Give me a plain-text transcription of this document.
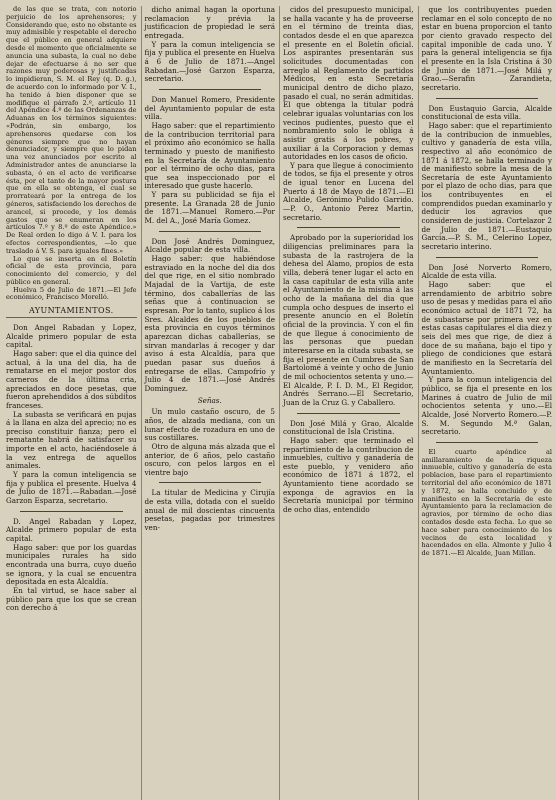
de las que se trata, con notorio perjuicio de los aprehensores; y Considerando que, esto no obstante es muy admisible y respetable el derecho que el público en general adquiere desde el momento que oficialmente se anuncia una subasta, la cual no debe dejar de efectuarse á no ser que razones muy poderosas y justificadas lo impidieran, S. M. el Rey (q. D. g.), de acuerdo con lo informado por V. I., ha tenido á bien disponer que se modifique el párrafo 2.º, artículo 11 del Apéndice 4.º de las Ordenanzas de Aduanas en los términos siguientes: «Podrán, sin embargo, los aprehensores quedarse con los géneros siempre que no hayan denunciador, y siempre que lo pidan una vez anunciados por escrito al Administrador antes de anunciarse la subasta, ó en el acto de verificarse ésta, por el tanto de la mayor postura que en ella se obtenga, el cual se prorrateará por la entrega de los géneros, satisfaciendo los derechos de arancel, si procede, y los demás gastos que se enumeran en los artículos 7.º y 8.º de este Apéndice.» De Real orden lo digo á V. I. para los efectos correspondientes, —lo que traslado á V. S. para iguales fines.»

Lo que se inserta en el Boletín oficial de esta provincia, para conocimiento del comercio, y del público en general.

Huelva 5 de Julio de 1871.—El Jefe económico, Francisco Morelló.

AYUNTAMIENTOS.

Don Angel Rabadan y Lopez, Alcalde primero popular de esta capital.

Hago saber: que el dia quince del actual, á la una del dia, ha de rematarse en el mejor postor dos carneros de la última cria, apreciados en doce pesetas, que fueron aprehendidos á dos súbditos franceses.

La subasta se verificará en pujas á la llana en alza del aprecio; no es preciso constituir fianza; pero el rematante habrá de satisfacer su importe en el acto, haciéndosele á la vez entrega de aquellos animales.

Y para la comun inteligencia se fija y publica el presente. Huelva 4 de Julio de 1871.—Rabadan.—José Garzon Esparza, secretario.

D. Angel Rabadan y Lopez, Alcalde primero popular de esta capital.

Hago saber: que por los guardas municipales rurales ha sido encontrada una burra, cuyo dueño se ignora, y la cual se encuentra depositada en esta Alcaldía.

En tal virtud, se hace saber al público para que los que se crean con derecho á

dicho animal hagan la oportuna reclamacion y prévia la justificacion de propiedad le será entregada.

Y para la comun inteligencia se fija y publica el presente en Huelva á 6 de Julio de 1871.—Angel Rabadan.—José Garzon Esparza, secretario.

Don Manuel Romero, Presidente del Ayuntamiento popular de esta villa.

Hago saber: que el repartimiento de la contribucion territorial para el próximo año económico se halla terminado y puesto de manifiesto en la Secretaría de Ayuntamiento por el término de ocho dias, para que sea inspeccionado por el interesado que guste hacerlo.

Y para su publicidad se fija el presente. La Granada 28 de Junio de 1871.—Manuel Romero.—Por M. del A., José María Gomez.

Don José Andrés Dominguez, Alcalde popular de esta villa.

Hago saber: que habiéndose estraviado en la noche del dia dos del que rige, en el sitio nombrado Majadal de la Vartija, de este término, dos caballerías de las señas que á continuacion se espresan. Por lo tanto, suplico á los Sres. Alcaldes de los pueblos de esta provincia en cuyos términos aparezcan dichas caballerías, se sirvan mandarlas á recoger y dar aviso á esta Alcaldía, para que puedan pasar sus dueños á entregarse de ellas. Campofrío y Julio 4 de 1871.—José Andrés Dominguez.

Señas.

Un mulo castaño oscuro, de 5 años, de alzada mediana, con un lunar efecto de rozadura en uno de sus costillares.

Otro de alguna más alzada que el anterior, de 6 años, pelo castaño oscuro, con pelos largos en el vientre bajo

La titular de Medicina y Cirujía de esta villa, dotada con el sueldo anual de mil doscientas cincuenta pesetas, pagadas por trimestres ven-

cidos del presupuesto municipal, se halla vacante y ha de proveerse en el término de treinta dias, contados desde el en que aparezca el presente en el Boletín oficial. Los aspirantes presentarán sus solicitudes documentadas con arreglo al Reglamento de partidos Médicos, en esta Secretaría municipal dentro de dicho plazo, pasado el cual, no serán admitidas. El que obtenga la titular podrá celebrar igualas voluntarias con los vecinos pudientes, puesto que el nombramiento solo le obliga á asistir gratis á los pobres, y auxiliar á la Corporacion y demas autoridades en los casos de oficio.

Y para que llegue á conocimiento de todos, se fija el presente y otros de igual tenor en Lucena del Puerto á 18 de Mayo de 1871.—El Alcalde, Gerónimo Pulido Garrido.—P. O., Antonio Perez Martin, secretario.

Aprobado por la superioridad los diligencias preliminares para la subasta de la rastrojera de la dehesa del Alamo, propios de esta villa, deberá tener lugar el acto en la casa capitular de esta villa ante el Ayuntamiento de la misma á las ocho de la mañana del dia que cumpla ocho despues de inserto el presente anuncio en el Boletín oficial de la provincia. Y con el fin de que llegue á conocimiento de las personas que puedan interesarse en la citada subasta, se fija el presente en Cumbres de San Bartolomé á veinte y ocho de Junio de mil ochocientos setenta y uno.—El Alcalde, P. I. D. M., El Regidor, Andrés Serrano.—El Secretario, Juan de la Cruz G. y Caballero.

Don José Milá y Grao, Alcalde constitucional de Isla Cristina.

Hago saber: que terminado el repartimiento de la contribucion de inmuebles, cultivo y ganadería de este pueblo, y venidero año económico de 1871 á 1872, el Ayuntamiento tiene acordado se exponga de agravios en la Secretaría municipal por término de ocho dias, entendido

que los contribuyentes pueden reclamar en el solo concepto de no estar en buena proporcion el tanto por ciento gravado respecto del capital imponible de cada uno. Y para la general inteligencia se fija el presente en la Isla Cristina á 30 de Junio de 1871.—José Milá y Grao.—Serafin Zarandieta, secretario.

Don Eustaquio Garcia, Alcalde constitucional de esta villa.

Hago saber: que el repartimiento de la contribucion de inmuebles, cultivo y ganadería de esta villa, respectivo al año económico de 1871 á 1872, se halla terminado y de manifiesto sobre la mesa de la Secretaría de este Ayuntamiento por el plazo de ocho dias, para que los contribuyentes en el comprendidos puedan examinarlo y deducir los agravios que consideren de justicia. Cortelazor 2 de Julio de 1871.—Eustaquio Garcia.—P. S. M., Celerino Lopez, secretario interino.

Don José Norverto Romero, Alcalde de esta villa.

Hago saber: que el arrendamiento de arbitrio sobre uso de pesas y medidas para el año económico actual de 1871 72, ha de subastarse por primera vez en estas casas capitulares el dia diez y seis del mes que rige, de diez á doce de su mañana, bajo el tipo y pliego de condiciones que estará de manifiesto en la Secretaría del Ayuntamiento.

Y para la comun inteligencia del público, se fija el presente en los Marines á cuatro de Julio de mil ochocientos setenta y uno.—El Alcalde, José Norverto Romero.—P. S. M. Segundo M.ª Galan, secretario.

El cuarto apéndice al amillaramiento de la riqueza inmueble, cultivo y ganadería de esta poblacion, base para el repartimiento territorial del año económico de 1871 y 1872, se halla concluido y de manifiesto en la Secretaría de este Ayuntamiento para la reclamacion de agravios, por término de ocho dias contados desde esta fecha. Lo que se hace saber para conocimiento de los vecinos de esta localidad y hacendados en ella. Almonte y Julio 4 de 1871.—El Alcalde, Juan Millan.
